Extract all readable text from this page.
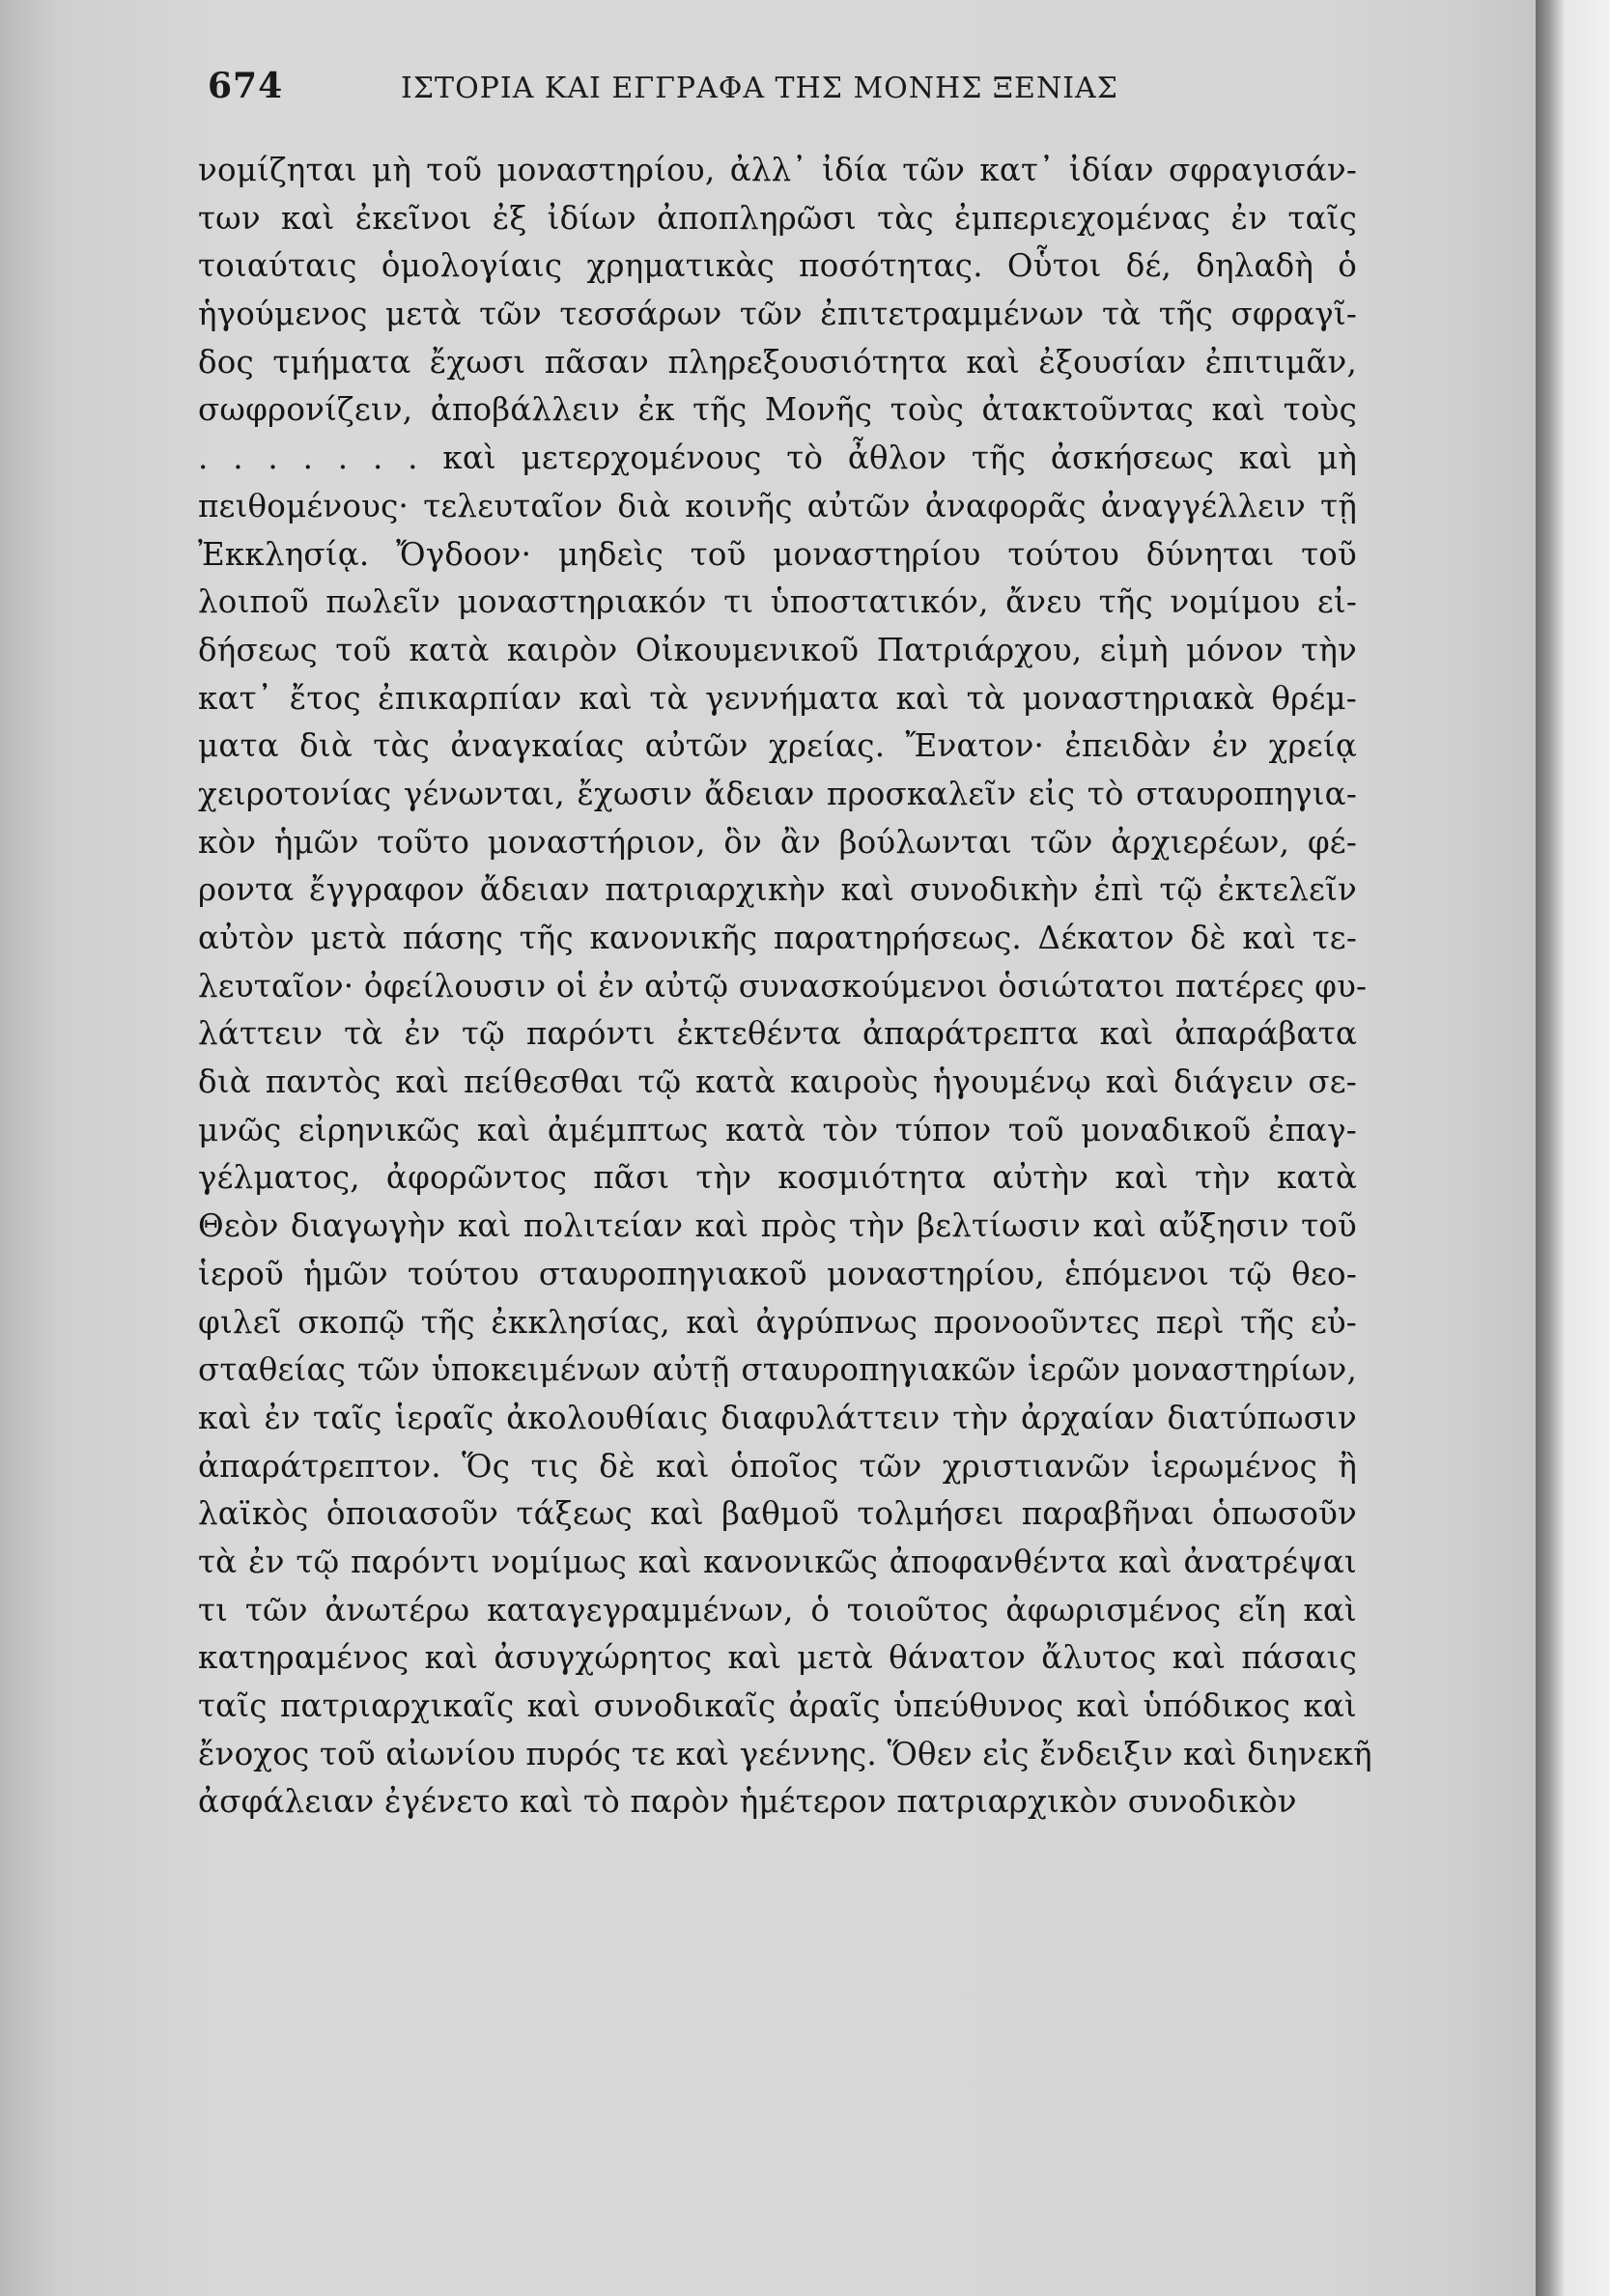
674	ΙΣΤΟΡΙΑ ΚΑΙ ΕΓΓΡΑΦΑ ΤΗΣ ΜΟΝΗΣ ΞΕΝΙΑΣ
νομίζηται μὴ τοῦ μοναστηρίου, ἀλλ᾽ ἰδία τῶν κατ᾽ ἰδίαν σφραγισάν-
των καὶ ἐκεῖνοι ἐξ ἰδίων ἀποπληρῶσι τὰς ἐμπεριεχομένας ἐν ταῖς
τοιαύταις ὁμολογίαις χρηματικὰς ποσότητας. Οὗτοι δέ, δηλαδὴ ὁ
ἡγούμενος μετὰ τῶν τεσσάρων τῶν ἐπιτετραμμένων τὰ τῆς σφραγῖ-
δος τμήματα ἔχωσι πᾶσαν πληρεξουσιότητα καὶ ἐξουσίαν ἐπιτιμᾶν,
σωφρονίζειν, ἀποβάλλειν ἐκ τῆς Μονῆς τοὺς ἀτακτοῦντας καὶ τοὺς
. . . . . . . καὶ μετερχομένους τὸ ἆθλον τῆς ἀσκήσεως καὶ μὴ
πειθομένους· τελευταῖον διὰ κοινῆς αὐτῶν ἀναφορᾶς ἀναγγέλλειν τῇ
Ἐκκλησίᾳ. Ὄγδοον· μηδεὶς τοῦ μοναστηρίου τούτου δύνηται τοῦ
λοιποῦ πωλεῖν μοναστηριακόν τι ὑποστατικόν, ἄνευ τῆς νομίμου εἰ-
δήσεως τοῦ κατὰ καιρὸν Οἰκουμενικοῦ Πατριάρχου, εἰμὴ μόνον τὴν
κατ᾽ ἔτος ἐπικαρπίαν καὶ τὰ γεννήματα καὶ τὰ μοναστηριακὰ θρέμ-
ματα διὰ τὰς ἀναγκαίας αὐτῶν χρείας. Ἔνατον· ἐπειδὰν ἐν χρείᾳ
χειροτονίας γένωνται, ἔχωσιν ἄδειαν προσκαλεῖν εἰς τὸ σταυροπηγια-
κὸν ἡμῶν τοῦτο μοναστήριον, ὃν ἂν βούλωνται τῶν ἀρχιερέων, φέ-
ροντα ἔγγραφον ἄδειαν πατριαρχικὴν καὶ συνοδικὴν ἐπὶ τῷ ἐκτελεῖν
αὐτὸν μετὰ πάσης τῆς κανονικῆς παρατηρήσεως. Δέκατον δὲ καὶ τε-
λευταῖον· ὀφείλουσιν οἱ ἐν αὐτῷ συνασκούμενοι ὁσιώτατοι πατέρες φυ-
λάττειν τὰ ἐν τῷ παρόντι ἐκτεθέντα ἀπαράτρεπτα καὶ ἀπαράβατα
διὰ παντὸς καὶ πείθεσθαι τῷ κατὰ καιροὺς ἡγουμένῳ καὶ διάγειν σε-
μνῶς εἰρηνικῶς καὶ ἀμέμπτως κατὰ τὸν τύπον τοῦ μοναδικοῦ ἐπαγ-
γέλματος, ἀφορῶντος πᾶσι τὴν κοσμιότητα αὐτὴν καὶ τὴν κατὰ
Θεὸν διαγωγὴν καὶ πολιτείαν καὶ πρὸς τὴν βελτίωσιν καὶ αὔξησιν τοῦ
ἱεροῦ ἡμῶν τούτου σταυροπηγιακοῦ μοναστηρίου, ἑπόμενοι τῷ θεο-
φιλεῖ σκοπῷ τῆς ἐκκλησίας, καὶ ἀγρύπνως προνοοῦντες περὶ τῆς εὐ-
σταθείας τῶν ὑποκειμένων αὐτῇ σταυροπηγιακῶν ἱερῶν μοναστηρίων,
καὶ ἐν ταῖς ἱεραῖς ἀκολουθίαις διαφυλάττειν τὴν ἀρχαίαν διατύπωσιν
ἀπαράτρεπτον. Ὅς τις δὲ καὶ ὁποῖος τῶν χριστιανῶν ἱερωμένος ἢ
λαϊκὸς ὁποιασοῦν τάξεως καὶ βαθμοῦ τολμήσει παραβῆναι ὁπωσοῦν
τὰ ἐν τῷ παρόντι νομίμως καὶ κανονικῶς ἀποφανθέντα καὶ ἀνατρέψαι
τι τῶν ἀνωτέρω καταγεγραμμένων, ὁ τοιοῦτος ἀφωρισμένος εἴη καὶ
κατηραμένος καὶ ἀσυγχώρητος καὶ μετὰ θάνατον ἄλυτος καὶ πάσαις
ταῖς πατριαρχικαῖς καὶ συνοδικαῖς ἀραῖς ὑπεύθυνος καὶ ὑπόδικος καὶ
ἔνοχος τοῦ αἰωνίου πυρός τε καὶ γεέννης. Ὅθεν εἰς ἔνδειξιν καὶ διηνεκῆ
ἀσφάλειαν ἐγένετο καὶ τὸ παρὸν ἡμέτερον πατριαρχικὸν συνοδικὸν
